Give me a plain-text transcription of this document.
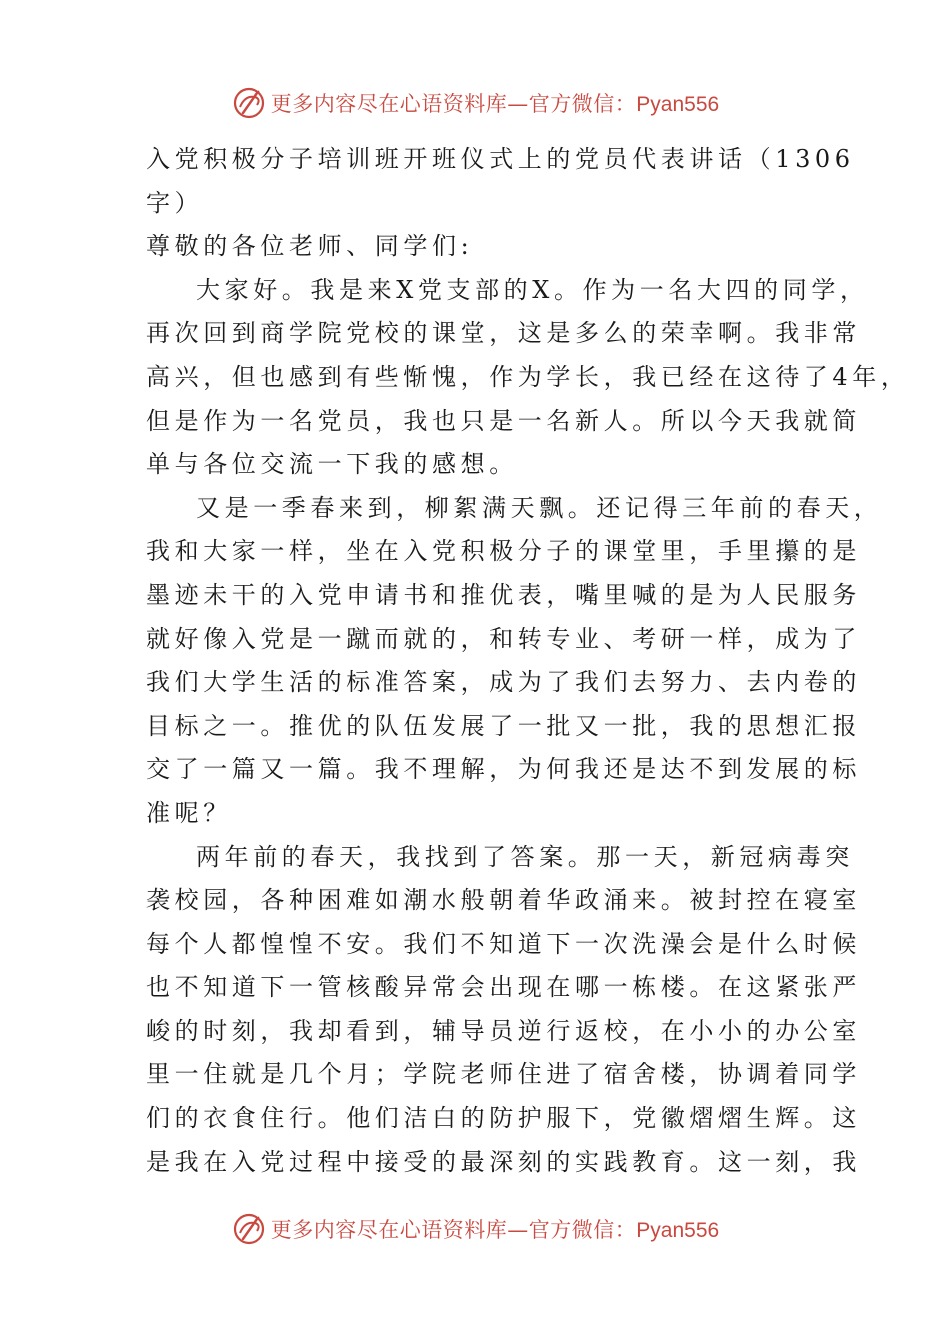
更多内容尽在心语资料库—官方微信：Pyan556
入党积极分子培训班开班仪式上的党员代表讲话（1306
字）
尊敬的各位老师、同学们:
大家好。我是来X党支部的X。作为一名大四的同学，
再次回到商学院党校的课堂，这是多么的荣幸啊。我非常
高兴，但也感到有些惭愧，作为学长，我已经在这待了4年，
但是作为一名党员，我也只是一名新人。所以今天我就简
单与各位交流一下我的感想。
又是一季春来到，柳絮满天飘。还记得三年前的春天，
我和大家一样，坐在入党积极分子的课堂里，手里攥的是
墨迹未干的入党申请书和推优表，嘴里喊的是为人民服务
就好像入党是一蹴而就的，和转专业、考研一样，成为了
我们大学生活的标准答案，成为了我们去努力、去内卷的
目标之一。推优的队伍发展了一批又一批，我的思想汇报
交了一篇又一篇。我不理解，为何我还是达不到发展的标
准呢？
两年前的春天，我找到了答案。那一天，新冠病毒突
袭校园，各种困难如潮水般朝着华政涌来。被封控在寝室
每个人都惶惶不安。我们不知道下一次洗澡会是什么时候
也不知道下一管核酸异常会出现在哪一栋楼。在这紧张严
峻的时刻，我却看到，辅导员逆行返校，在小小的办公室
里一住就是几个月；学院老师住进了宿舍楼，协调着同学
们的衣食住行。他们洁白的防护服下，党徽熠熠生辉。这
是我在入党过程中接受的最深刻的实践教育。这一刻，我
更多内容尽在心语资料库—官方微信：Pyan556
